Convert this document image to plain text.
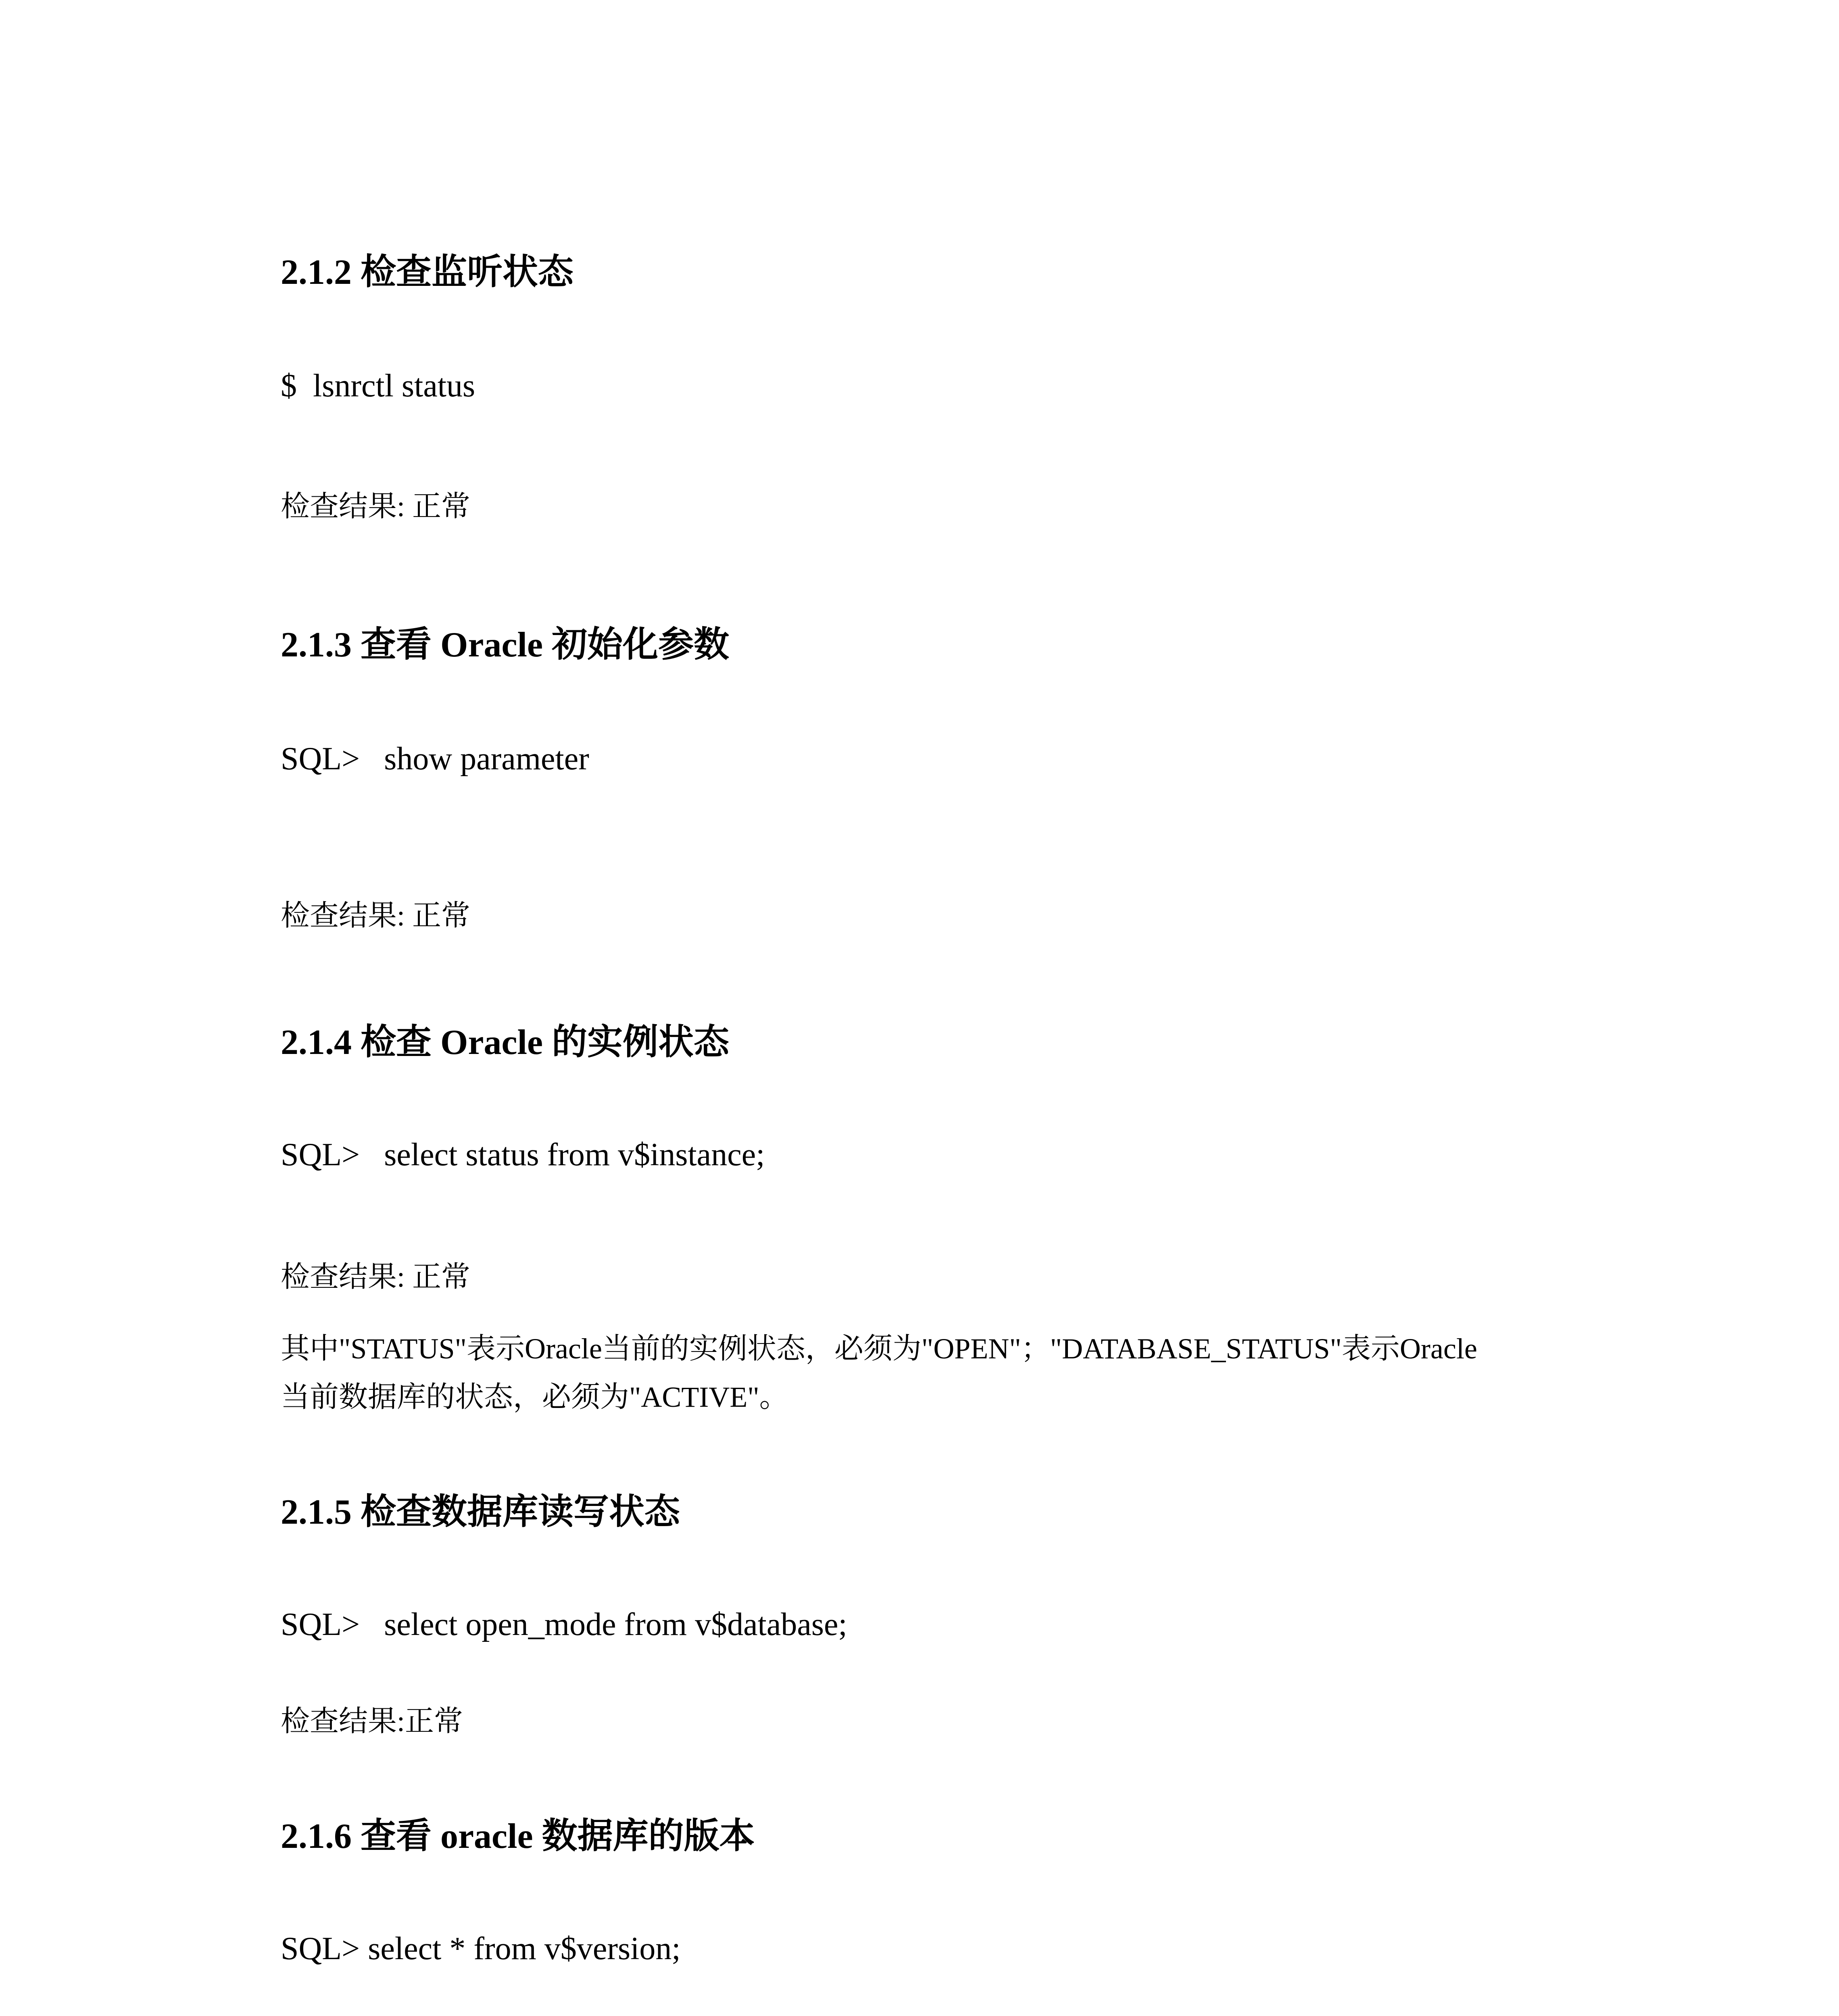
2.1.2 检查监听状态
$  lsnrctl status
检查结果: 正常
2.1.3 查看 Oracle 初始化参数
SQL>   show parameter
检查结果: 正常
2.1.4 检查 Oracle 的实例状态
SQL>   select status from v$instance;
检查结果: 正常
其中"STATUS"表示Oracle当前的实例状态，必须为"OPEN"；"DATABASE_STATUS"表示Oracle
当前数据库的状态，必须为"ACTIVE"。
2.1.5 检查数据库读写状态
SQL>   select open_mode from v$database;
检查结果:正常
2.1.6 查看 oracle 数据库的版本
SQL> select * from v$version;
